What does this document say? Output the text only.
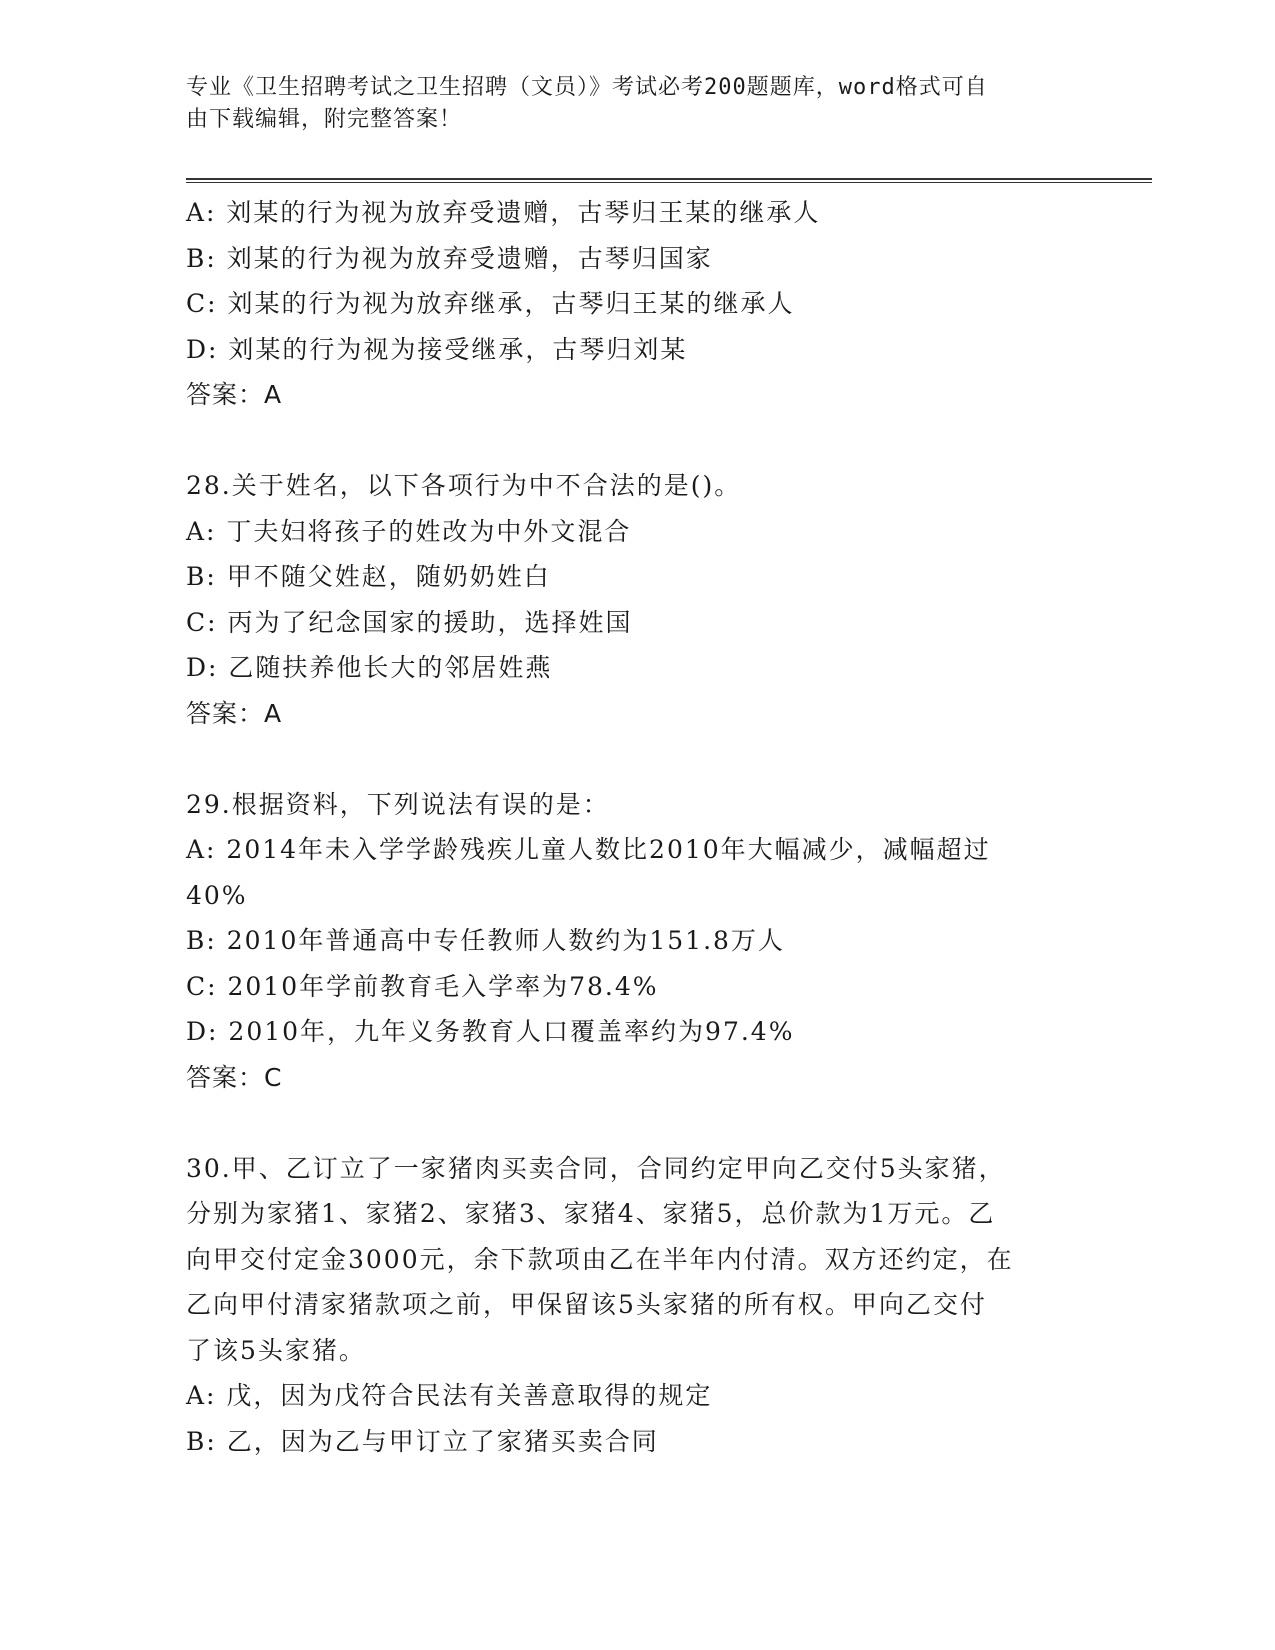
专业《卫生招聘考试之卫生招聘（文员）》考试必考200题题库，word格式可自
由下载编辑，附完整答案！
A: 刘某的行为视为放弃受遗赠，古琴归王某的继承人
B: 刘某的行为视为放弃受遗赠，古琴归国家
C: 刘某的行为视为放弃继承，古琴归王某的继承人
D: 刘某的行为视为接受继承，古琴归刘某
答案：A
28.关于姓名，以下各项行为中不合法的是()。
A: 丁夫妇将孩子的姓改为中外文混合
B: 甲不随父姓赵，随奶奶姓白
C: 丙为了纪念国家的援助，选择姓国
D: 乙随扶养他长大的邻居姓燕
答案：A
29.根据资料，下列说法有误的是：
A: 2014年未入学学龄残疾儿童人数比2010年大幅减少，减幅超过
40%
B: 2010年普通高中专任教师人数约为151.8万人
C: 2010年学前教育毛入学率为78.4%
D: 2010年，九年义务教育人口覆盖率约为97.4%
答案：C
30.甲、乙订立了一家猪肉买卖合同，合同约定甲向乙交付5头家猪，
分别为家猪1、家猪2、家猪3、家猪4、家猪5，总价款为1万元。乙
向甲交付定金3000元，余下款项由乙在半年内付清。双方还约定，在
乙向甲付清家猪款项之前，甲保留该5头家猪的所有权。甲向乙交付
了该5头家猪。
A: 戊，因为戊符合民法有关善意取得的规定
B: 乙，因为乙与甲订立了家猪买卖合同
